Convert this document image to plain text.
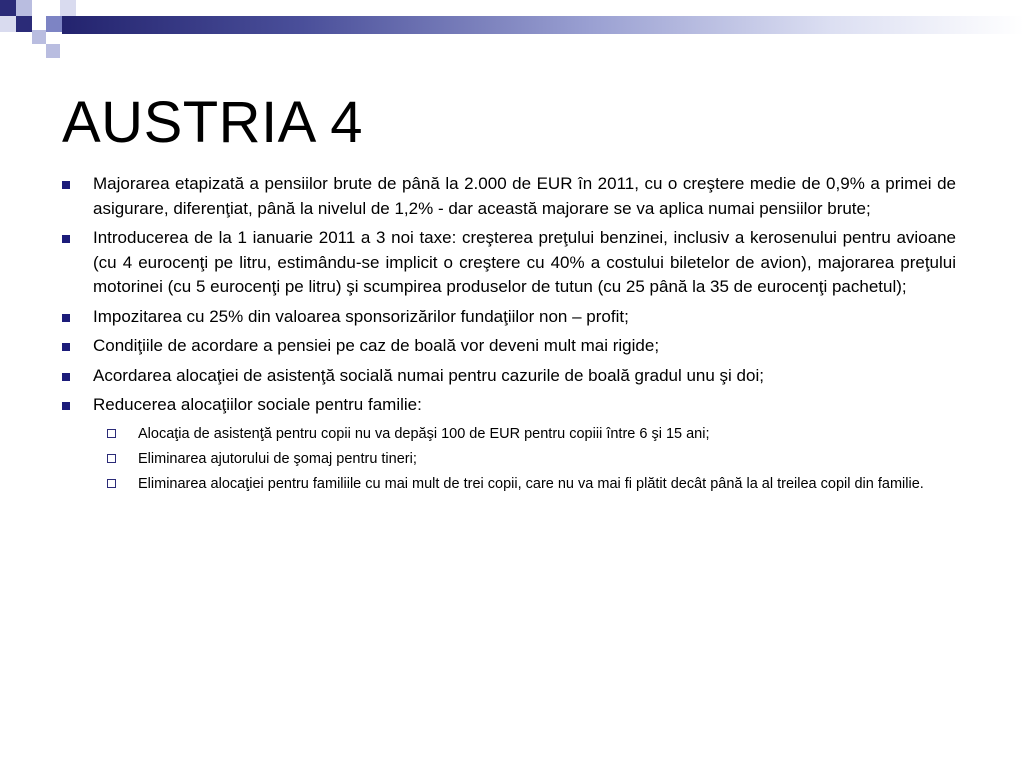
AUSTRIA 4
Majorarea etapizată a pensiilor brute de până la 2.000 de EUR în 2011, cu o creştere medie de 0,9% a primei de asigurare, diferenţiat, până la nivelul de 1,2% - dar această majorare se va aplica numai pensiilor brute;
Introducerea de la 1 ianuarie 2011 a 3 noi taxe: creşterea preţului benzinei, inclusiv a kerosenului pentru avioane (cu 4 eurocenţi pe litru, estimându-se implicit o creştere cu 40% a costului biletelor de avion), majorarea preţului motorinei (cu 5 eurocenţi pe litru) şi scumpirea produselor de tutun (cu 25 până la 35 de eurocenţi pachetul);
Impozitarea cu 25% din valoarea sponsorizărilor fundaţiilor non – profit;
Condiţiile de acordare a pensiei pe caz de boală vor deveni mult mai rigide;
Acordarea alocaţiei de asistenţă socială numai pentru cazurile de boală gradul unu şi doi;
Reducerea alocaţiilor sociale pentru familie:
Alocaţia de asistenţă pentru copii nu va depăşi 100 de EUR pentru copiii între 6 şi 15 ani;
Eliminarea ajutorului de şomaj pentru tineri;
Eliminarea alocaţiei pentru familiile cu mai mult de trei copii, care nu va mai fi plătit decât până la al treilea copil din familie.
